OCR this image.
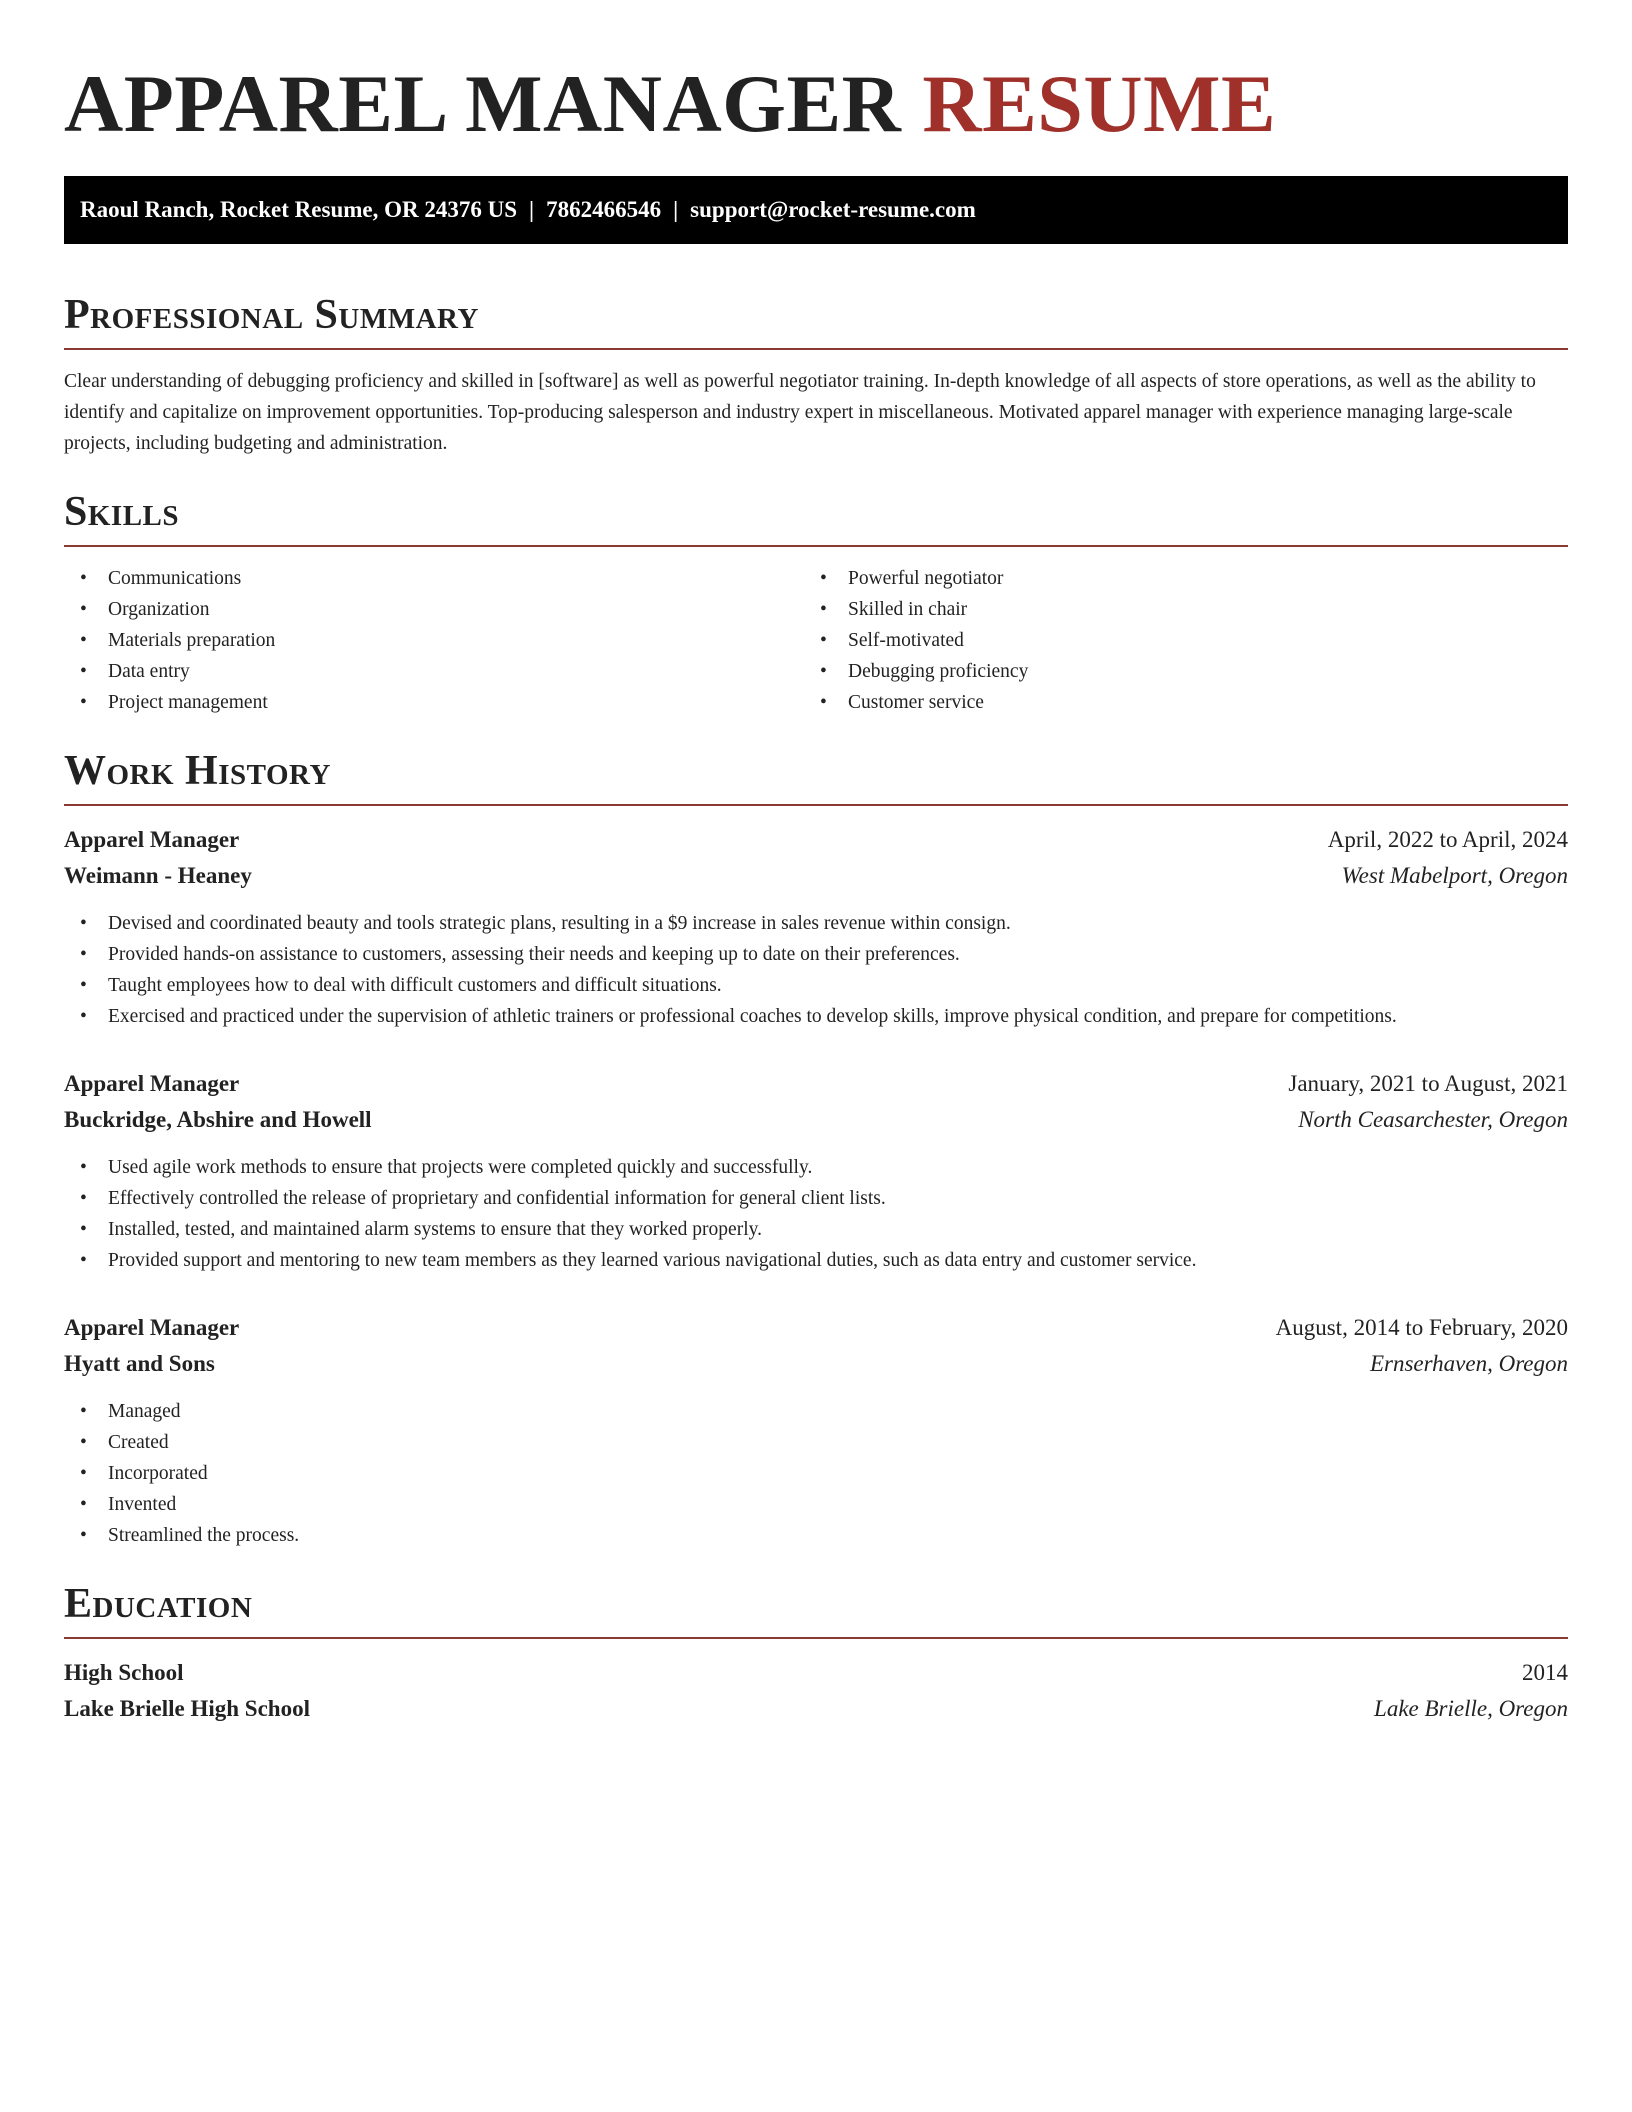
APPAREL MANAGER RESUME
Raoul Ranch, Rocket Resume, OR 24376 US | 7862466546 | support@rocket-resume.com
Professional Summary

Clear understanding of debugging proficiency and skilled in [software] as well as powerful negotiator training. In-depth knowledge of all aspects of store operations, as well as the ability to identify and capitalize on improvement opportunities. Top-producing salesperson and industry expert in miscellaneous. Motivated apparel manager with experience managing large-scale projects, including budgeting and administration.

Skills
• Communications
• Organization
• Materials preparation
• Data entry
• Project management
• Powerful negotiator
• Skilled in chair
• Self-motivated
• Debugging proficiency
• Customer service
Work History
Apparel Manager	April, 2022 to April, 2024
Weimann - Heaney	West Mabelport, Oregon
• Devised and coordinated beauty and tools strategic plans, resulting in a $9 increase in sales revenue within consign.
• Provided hands-on assistance to customers, assessing their needs and keeping up to date on their preferences.
• Taught employees how to deal with difficult customers and difficult situations.
• Exercised and practiced under the supervision of athletic trainers or professional coaches to develop skills, improve physical condition, and prepare for competitions.
Apparel Manager	January, 2021 to August, 2021
Buckridge, Abshire and Howell	North Ceasarchester, Oregon
• Used agile work methods to ensure that projects were completed quickly and successfully.
• Effectively controlled the release of proprietary and confidential information for general client lists.
• Installed, tested, and maintained alarm systems to ensure that they worked properly.
• Provided support and mentoring to new team members as they learned various navigational duties, such as data entry and customer service.
Apparel Manager	August, 2014 to February, 2020
Hyatt and Sons	Ernserhaven, Oregon
• Managed
• Created
• Incorporated
• Invented
• Streamlined the process.
Education
High School	2014
Lake Brielle High School	Lake Brielle, Oregon
